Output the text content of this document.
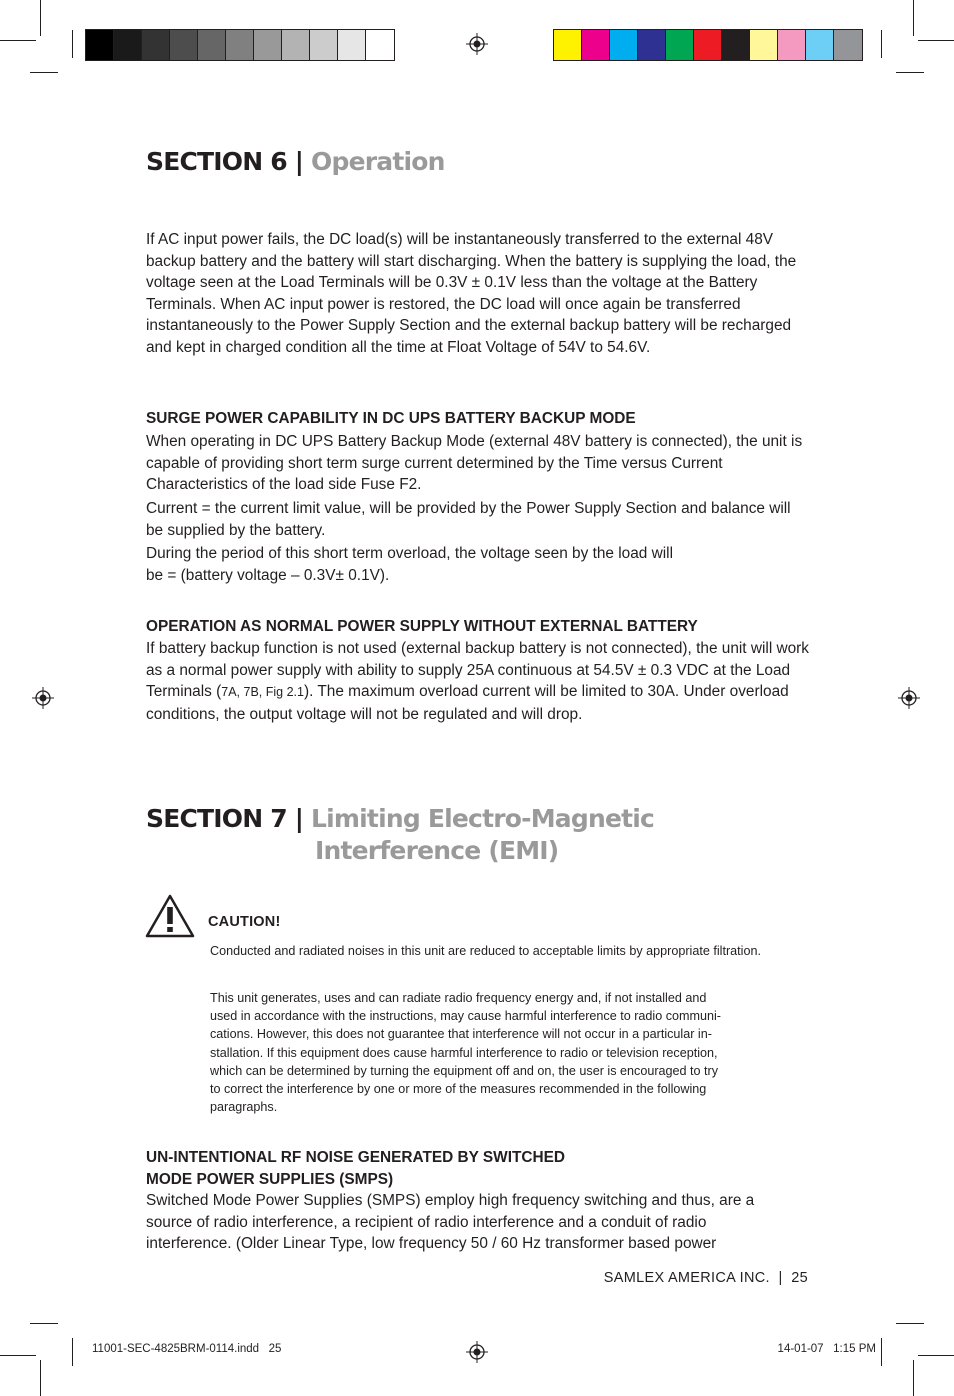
SECTION 6 | Operation

If AC input power fails, the DC load(s) will be instantaneously transferred to the external 48V backup battery and the battery will start discharging. When the battery is supplying the load, the voltage seen at the Load Terminals will be 0.3V ± 0.1V less than the voltage at the Battery Terminals. When AC input power is restored, the DC load will once again be transferred instantaneously to the Power Supply Section and the external backup battery will be recharged and kept in charged condition all the time at Float Voltage of 54V to 54.6V.

SURGE POWER CAPABILITY IN DC UPS BATTERY BACKUP MODE

When operating in DC UPS Battery Backup Mode (external 48V battery is connected), the unit is capable of providing short term surge current determined by the Time versus Current Characteristics of the load side Fuse F2.

Current = the current limit value, will be provided by the Power Supply Section and balance will be supplied by the battery.

During the period of this short term overload, the voltage seen by the load will
be = (battery voltage – 0.3V± 0.1V).

OPERATION AS NORMAL POWER SUPPLY WITHOUT EXTERNAL BATTERY

If battery backup function is not used (external backup battery is not connected), the unit will work as a normal power supply with ability to supply 25A continuous at 54.5V ± 0.3 VDC at the Load Terminals (7A, 7B, Fig 2.1). The maximum overload current will be limited to 30A. Under overload conditions, the output voltage will not be regulated and will drop.

SECTION 7 | Limiting Electro-Magnetic
Interference (EMI)
CAUTION!

Conducted and radiated noises in this unit are reduced to acceptable limits by appropriate filtration.

This unit generates, uses and can radiate radio frequency energy and, if not installed and
used in accordance with the instructions, may cause harmful interference to radio communi-
cations. However, this does not guarantee that interference will not occur in a particular in-
stallation. If this equipment does cause harmful interference to radio or television reception,
which can be determined by turning the equipment off and on, the user is encouraged to try
to correct the interference by one or more of the measures recommended in the following
paragraphs.

UN-INTENTIONAL RF NOISE GENERATED BY SWITCHED
MODE POWER SUPPLIES (SMPS)

Switched Mode Power Supplies (SMPS) employ high frequency switching and thus, are a source of radio interference, a recipient of radio interference and a conduit of radio interference. (Older Linear Type, low frequency 50 / 60 Hz transformer based power

SAMLEX AMERICA INC. | 25
11001-SEC-4825BRM-0114.indd   25	14-01-07   1:15 PM
